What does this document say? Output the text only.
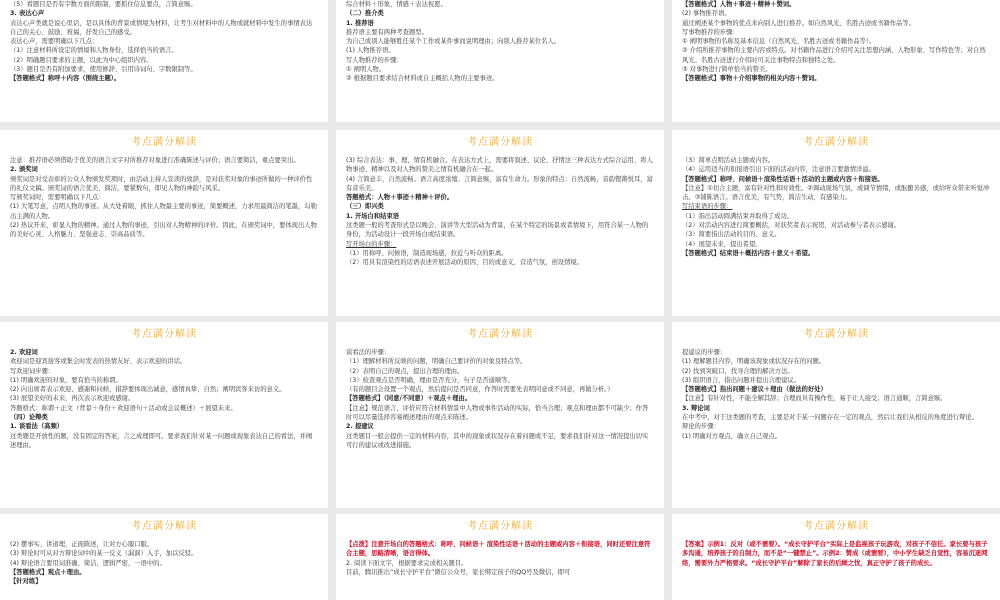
（5）看题目是否有字数方面的限制，要抓住信息要点，言简意赅。

3. 表达心声

表达心声类就是说心里话，是以具体的背景或情境为材料，让考生对材料中的人物或就材料中发生的事情表达自己的关心、鼓励、祝福，抒发自己的感受。

表达心声，需要明确以下几点：

（1）注意材料所设定的情境和人物身份，选择恰当的语言。

（2）明确题目要求的主题，以此为中心组织内容。

（3）题目是否有附加要求，使用修辞、引用诗词句、字数限制等。

【答题格式】称呼＋内容（围绕主题）。

综合材料＋形象，情感＋表达祝愿。

（二）推介类

1. 推荐语

推荐语主要有两种考查题型。

为自己或别人能够胜任某个工作或某件事而说明理由；向别人推荐某位名人。

(1) 人物推荐语。

写人物推荐的步骤：

① 阐明人物。

② 根据题目要求结合材料或自主概括人物的主要事迹。

【答题格式】人物＋事迹＋精神＋赞词。

(2) 事物推荐语。

通过阐述某个事物的优点来向别人进行推荐。如自然风光、名胜古迹或书籍作品等。

写事物推荐的步骤：

① 阐明事物的名称及基本信息（自然风光、名胜古迹或书籍作品等）。

② 介绍所推荐事物的主要内容或特点。对书籍作品进行介绍可关注思想内涵、人物形象、写作特色等；对自然风光、名胜古迹进行介绍时可关注事物特点和独特之处。

③ 对事物进行简单恰当的赞美。

【答题格式】事物＋介绍事物的相关内容＋赞词。

考点满分解读

注意：推荐语必须借助于优美的语言文字对所推荐对象进行准确陈述与评价；语言要简洁，重点要突出。

2. 颁奖词

颁奖词是对受表彰的公众人物颁发奖项时，由活动主持人宣读的致辞，是对获奖对象的事迹所做的一种评价性的礼仪文稿。颁奖词的语言优美、简洁，要紧数句，即见人物的神韵与风采。

写颁奖词时，需要明确以下几点：

(1) 大笔写意，点明人物的事迹。从大处着眼，抓住人物最主要的事迹，简要概述，力求用最简洁的笔墨，勾勒出主满的人物。

(2) 热议开来，彰显人物的精神。通过人物的事迹，引出对人物精神的评价。因此，在颁奖词中，要体现出人物的美好心灵、人格魅力、坚强意志、崇高品质等。

考点满分解读

(3) 综合表达：事、理、情有机融合。在表达方式上，需要将叙述、议论、抒情这三种表达方式综合运用，将人物事迹、精神以及对人物的赞美之情有机融合在一起。

(4) 言简意丰，自然流畅。语言高度浓缩、言简意赅，富有生命力。形象的特点：自然流畅，音韵铿锵悦耳，富有音乐美。

答题格式：人物＋事迹＋精神＋评价。

（三）即兴类

1. 开场白和结束语

这类题一般的考查形式是以晚会、演讲等大型活动为背景，在某个特定的场景或者情境下，用符合某一人物的身份，为活动设计一段开场白或结束语。

写开场白的步骤：

（1）用称呼、问候语，制造现场感，拉近与听众的距离。

（2）用具有渲染性的话语表述开展活动的原因、目的或意义，营造气氛，创设情境。

考点满分解读

（3）简单点明活动主题或内容。

（4）运用适当的衔接语引出下面的活动内容，注意语言要激情洋溢。

【答题格式】称呼、问候语＋渲染性话语＋活动的主题或内容＋衔接语。

【注意】①切合主题，富有针对性和时效性。②调动现场气氛，或调节情绪，或酝酿善感，或给听众带来听觉冲击。③铺陈语言。语言优美，有气势，简洁生动，有感染力。

写结束语的步骤：

（1）指出活动圆满结束并取得了成功。

（2）对活动内容进行简要概括，对获奖者表示祝贺，对活动参与者表示感谢。

（3）简要指出活动的目的、意义。

（4）展望未来，提出希望。

【答题格式】结束语＋概括内容＋意义＋希望。

考点满分解读

2. 欢迎词

欢迎词是迎宾接客或集会时发表的热情友好、表示欢迎的讲话。

写欢迎词步骤：

(1) 明确欢迎的对象，要有恰当的称谓。

(2) 向出席者表示欢迎、感谢和问候，措辞要体现出诚意，感情真挚，自然；阐明宾客来访的意义。

(3) 展望美好的未来，再次表示欢迎或感谢。

答题格式：称谓＋正文（背景＋身份＋欢迎语句＋活动或会议概述）＋展望未来。

（四）论辩类

1. 谈看法（高频）

这类题是开放性的题，没有固定的答案，言之成理即可。要求我们针对某一问题或现象表达自己的看法，并阐述理由。

考点满分解读

谈看法的步骤：

（1）理解材料所反映的问题，明确自己要评价的对象及特点等。

（2）表明自己的观点，提出合理的理由。

（3）检查观点是否明确，理由是否充分，句子是否通顺等。

（有的题目会设置一个观点，然后提问是否同意，作答时需要先表明同意或不同意，再做分析。）

【答题格式】（同意/不同意）＋观点＋理由。

【注意】规范语言，评价应符合材料情景中人物或事件活动的实际，恰当合理；观点和理由都不可缺少；作答时可以尽量选择容易阐述理由的观点来陈述。

2. 提建议

这类题目一般会提供一定的材料内容，其中的现象或状况存在着问题或不足，要求我们针对这一情况提出切实可行的建议或改进措施。

考点满分解读

提建议的步骤：

(1) 理解题目内容，明确该现象或状况存在的问题。

(2) 找到突破口，找寻合理的解决方法。

(3) 组织语言，指出问题并提出合理建议。

【答题格式】指出问题＋建议＋理由（做法的好处）

【注意】有针对性，不能全解其辞；合理而具有操作性，易于让人接受；语言通顺，言简意赅。

3. 辩论词

在中考中，对于这类题的考查，主要是对于某一问题存在一定的观点，然后让我们从相反的角度进行辩论。

辩论的步骤：

(1) 明确对方观点，确立自己观点。

考点满分解读

(2) 摆事实、讲道理，正面陈述，让对方心服口服。

(3) 辩论时可从对方辩论词中的某一反义（漏洞）入手，加以反驳。

(4) 辩论语言要用词准确、简洁，逻辑严密，一语中的。

【答题格式】观点＋理由。

【针对练】

考点满分解读

【点拨】注意开场白的答题格式：称呼、问候语＋ 渲染性话语＋活动的主题或内容＋衔接语，同时还要注意符合主题，思路清晰，语言得体。

2. 阅读下面文字，根据要求完成相关题目。

目前，腾讯推出“成长守护平台”微信公众号，家长绑定孩子的QQ号及微信，即可

考点满分解读

【答案】示例1：反对（或不需要）。“成长守护平台”实际上是监视孩子玩游戏，对孩子不信任。家长要与孩子多沟通，培养孩子的自制力，而不是“一键禁止”。示例2：赞成（或需要），中小学生缺乏自觉性，容易沉迷网络，需要外力严格要求。“成长守护平台”解除了家长的后顾之忧，真正守护了孩子的成长。
